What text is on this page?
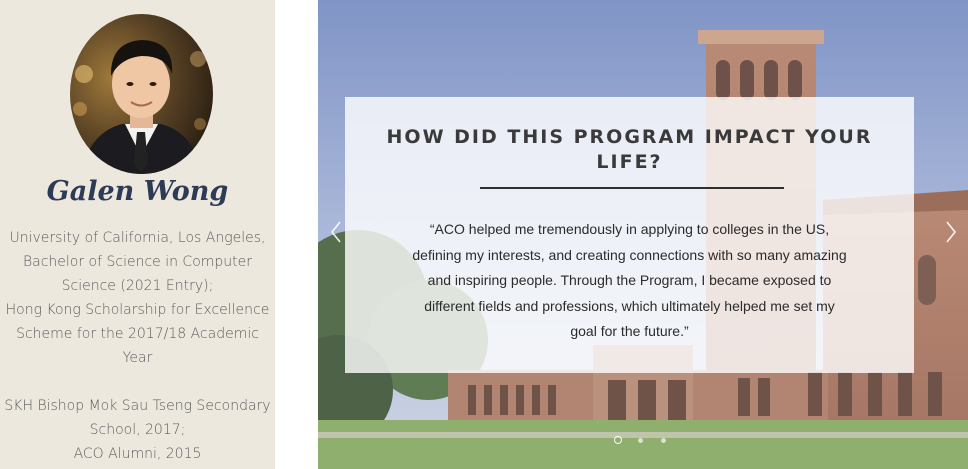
Galen Wong
University of California, Los Angeles,
Bachelor of Science in Computer
Science (2021 Entry);
Hong Kong Scholarship for Excellence
Scheme for the 2017/18 Academic
Year
SKH Bishop Mok Sau Tseng Secondary
School, 2017;
ACO Alumni, 2015
HOW DID THIS PROGRAM IMPACT YOUR
LIFE?
“ACO helped me tremendously in applying to colleges in the US,
defining my interests, and creating connections with so many amazing
and inspiring people. Through the Program, I became exposed to
different fields and professions, which ultimately helped me set my
goal for the future.”
